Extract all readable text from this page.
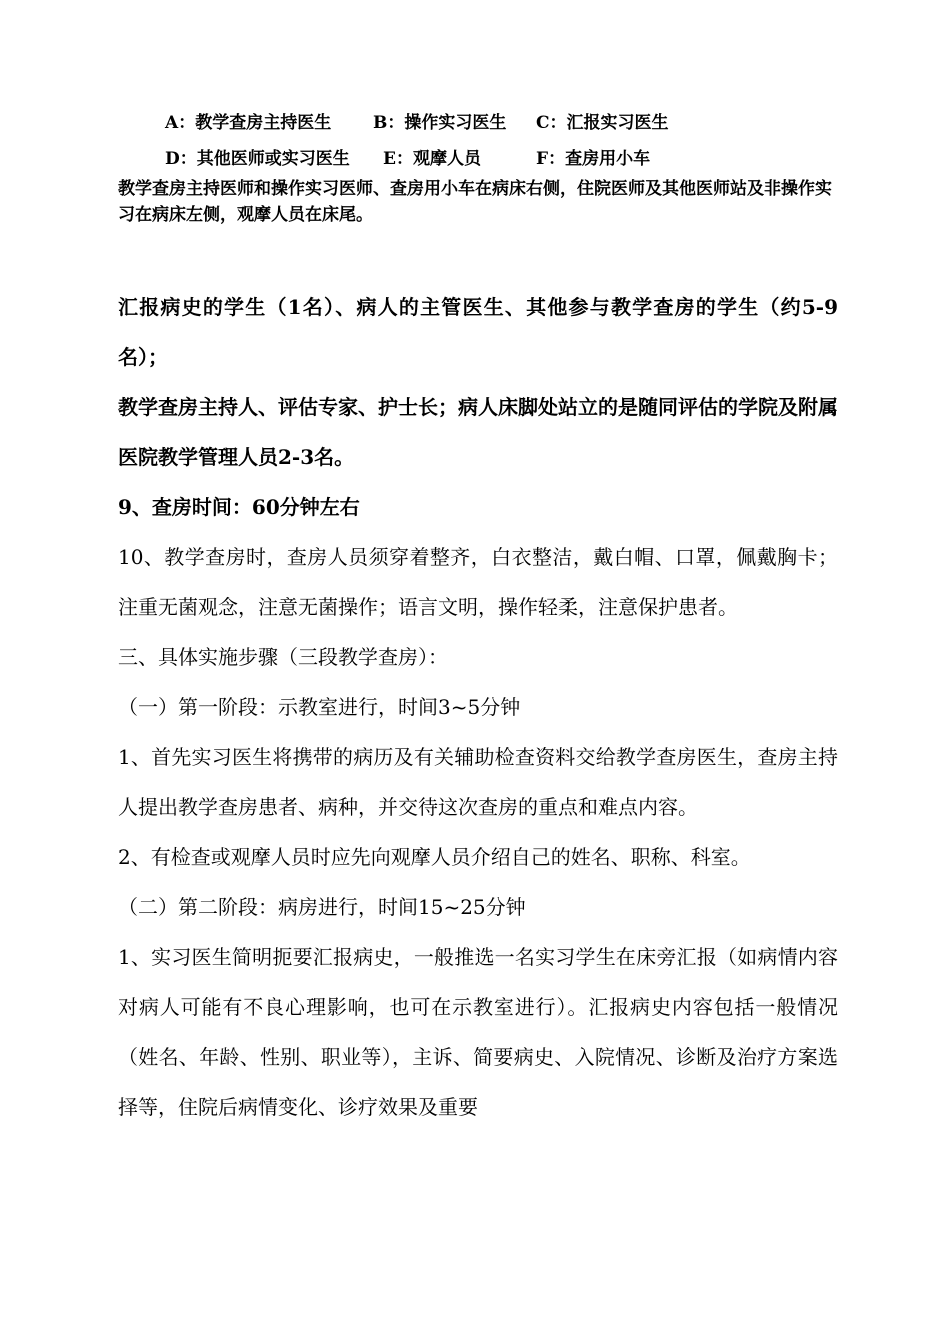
A：教学查房主持医生 B：操作实习医生 C：汇报实习医生
D：其他医师或实习医生 E：观摩人员	F：查房用小车
教学查房主持医师和操作实习医师、查房用小车在病床右侧，住院医师及其他医师站及非操作实习在病床左侧，观摩人员在床尾。

汇报病史的学生（1名）、病人的主管医生、其他参与教学查房的学生（约5-9名）；

教学查房主持人、评估专家、护士长；病人床脚处站立的是随同评估的学院及附属医院教学管理人员2-3名。

9、查房时间：60分钟左右

10、教学查房时，查房人员须穿着整齐，白衣整洁，戴白帽、口罩，佩戴胸卡；注重无菌观念，注意无菌操作；语言文明，操作轻柔，注意保护患者。

三、具体实施步骤（三段教学查房）：

（一）第一阶段：示教室进行，时间3~5分钟

1、首先实习医生将携带的病历及有关辅助检查资料交给教学查房医生，查房主持人提出教学查房患者、病种，并交待这次查房的重点和难点内容。

2、有检查或观摩人员时应先向观摩人员介绍自己的姓名、职称、科室。

（二）第二阶段：病房进行，时间15~25分钟

1、实习医生简明扼要汇报病史，一般推选一名实习学生在床旁汇报（如病情内容对病人可能有不良心理影响，也可在示教室进行）。汇报病史内容包括一般情况（姓名、年龄、性别、职业等），主诉、简要病史、入院情况、诊断及治疗方案选择等，住院后病情变化、诊疗效果及重要
